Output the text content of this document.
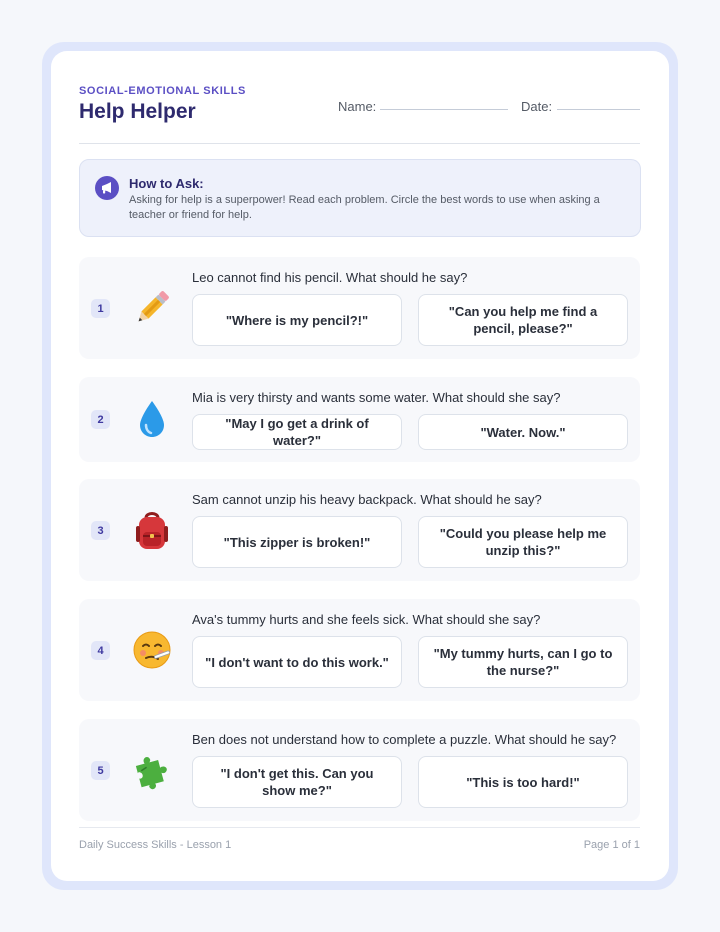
SOCIAL-EMOTIONAL SKILLS
Help Helper	Name:	Date:
How to Ask:
Asking for help is a superpower! Read each problem. Circle the best words to use when asking a teacher or friend for help.
1
Leo cannot find his pencil. What should he say?
"Where is my pencil?!"
"Can you help me find a pencil, please?"
2
Mia is very thirsty and wants some water. What should she say?
"May I go get a drink of water?"
"Water. Now."
3
Sam cannot unzip his heavy backpack. What should he say?
"This zipper is broken!"
"Could you please help me unzip this?"
4
Ava's tummy hurts and she feels sick. What should she say?
"I don't want to do this work."
"My tummy hurts, can I go to the nurse?"
5
Ben does not understand how to complete a puzzle. What should he say?
"I don't get this. Can you show me?"
"This is too hard!"
Daily Success Skills - Lesson 1	Page 1 of 1
